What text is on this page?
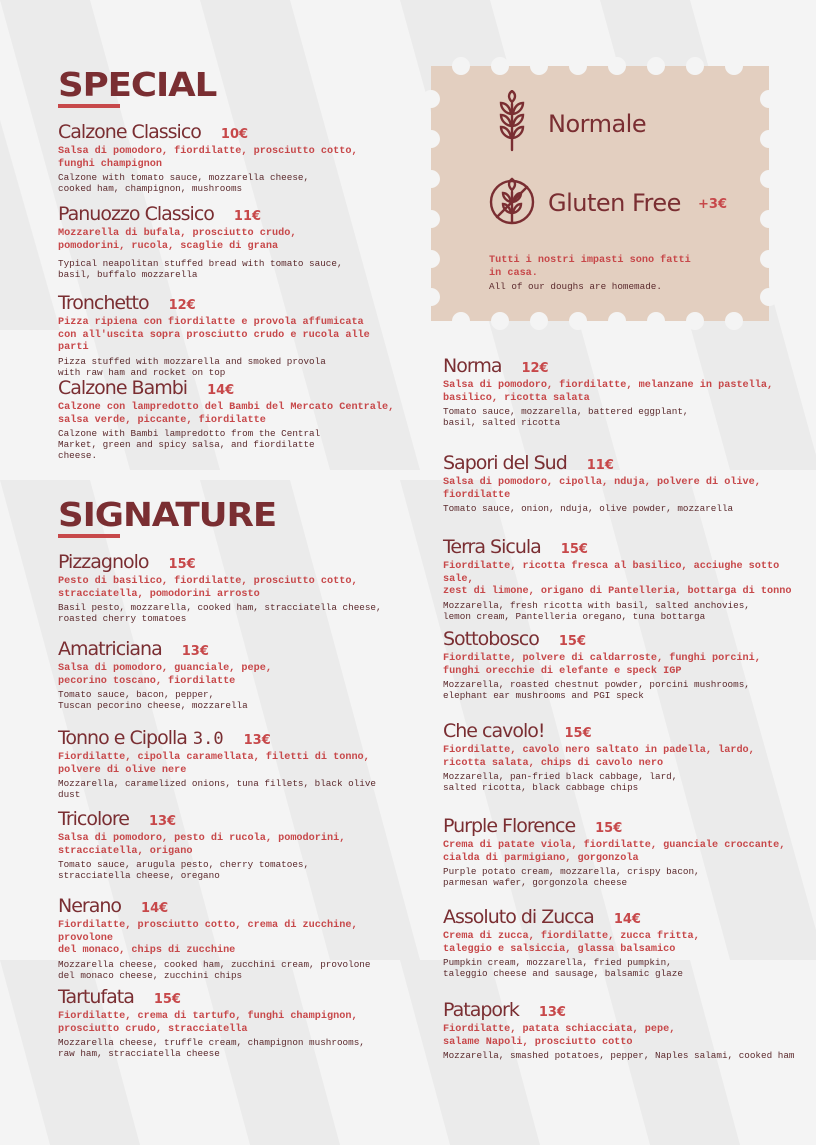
SPECIAL
Calzone Classico 10€
Salsa di pomodoro, fiordilatte, prosciutto cotto,
funghi champignon
Calzone with tomato sauce, mozzarella cheese,
cooked ham, champignon, mushrooms
Panuozzo Classico 11€
Mozzarella di bufala, prosciutto crudo,
pomodorini, rucola, scaglie di grana
Typical neapolitan stuffed bread with tomato sauce,
basil, buffalo mozzarella
Tronchetto 12€
Pizza ripiena con fiordilatte e provola affumicata
con all'uscita sopra prosciutto crudo e rucola alle parti
Pizza stuffed with mozzarella and smoked provola
with raw ham and rocket on top
Calzone Bambi 14€
Calzone con lampredotto del Bambi del Mercato Centrale,
salsa verde, piccante, fiordilatte
Calzone with Bambi lampredotto from the Central
Market, green and spicy salsa, and fiordilatte
cheese.
SIGNATURE
Pizzagnolo 15€
Pesto di basilico, fiordilatte, prosciutto cotto,
stracciatella, pomodorini arrosto
Basil pesto, mozzarella, cooked ham, stracciatella cheese,
roasted cherry tomatoes
Amatriciana 13€
Salsa di pomodoro, guanciale, pepe,
pecorino toscano, fiordilatte
Tomato sauce, bacon, pepper,
Tuscan pecorino cheese, mozzarella
Tonno e Cipolla 3.0 13€
Fiordilatte, cipolla caramellata, filetti di tonno,
polvere di olive nere
Mozzarella, caramelized onions, tuna fillets, black olive dust
Tricolore 13€
Salsa di pomodoro, pesto di rucola, pomodorini,
stracciatella, origano
Tomato sauce, arugula pesto, cherry tomatoes,
stracciatella cheese, oregano
Nerano 14€
Fiordilatte, prosciutto cotto, crema di zucchine, provolone
del monaco, chips di zucchine
Mozzarella cheese, cooked ham, zucchini cream, provolone
del monaco cheese, zucchini chips
Tartufata 15€
Fiordilatte, crema di tartufo, funghi champignon,
prosciutto crudo, stracciatella
Mozzarella cheese, truffle cream, champignon mushrooms,
raw ham, stracciatella cheese
Normale
Gluten Free +3€
Tutti i nostri impasti sono fatti
in casa.
All of our doughs are homemade.
Norma 12€
Salsa di pomodoro, fiordilatte, melanzane in pastella,
basilico, ricotta salata
Tomato sauce, mozzarella, battered eggplant,
basil, salted ricotta
Sapori del Sud 11€
Salsa di pomodoro, cipolla, nduja, polvere di olive,
fiordilatte
Tomato sauce, onion, nduja, olive powder, mozzarella
Terra Sicula 15€
Fiordilatte, ricotta fresca al basilico, acciughe sotto sale,
zest di limone, origano di Pantelleria, bottarga di tonno
Mozzarella, fresh ricotta with basil, salted anchovies,
lemon cream, Pantelleria oregano, tuna bottarga
Sottobosco 15€
Fiordilatte, polvere di caldarroste, funghi porcini,
funghi orecchie di elefante e speck IGP
Mozzarella, roasted chestnut powder, porcini mushrooms,
elephant ear mushrooms and PGI speck
Che cavolo! 15€
Fiordilatte, cavolo nero saltato in padella, lardo,
ricotta salata, chips di cavolo nero
Mozzarella, pan-fried black cabbage, lard,
salted ricotta, black cabbage chips
Purple Florence 15€
Crema di patate viola, fiordilatte, guanciale croccante,
cialda di parmigiano, gorgonzola
Purple potato cream, mozzarella, crispy bacon,
parmesan wafer, gorgonzola cheese
Assoluto di Zucca 14€
Crema di zucca, fiordilatte, zucca fritta,
taleggio e salsiccia, glassa balsamico
Pumpkin cream, mozzarella, fried pumpkin,
taleggio cheese and sausage, balsamic glaze
Patapork 13€
Fiordilatte, patata schiacciata, pepe,
salame Napoli, prosciutto cotto
Mozzarella, smashed potatoes, pepper, Naples salami, cooked ham
